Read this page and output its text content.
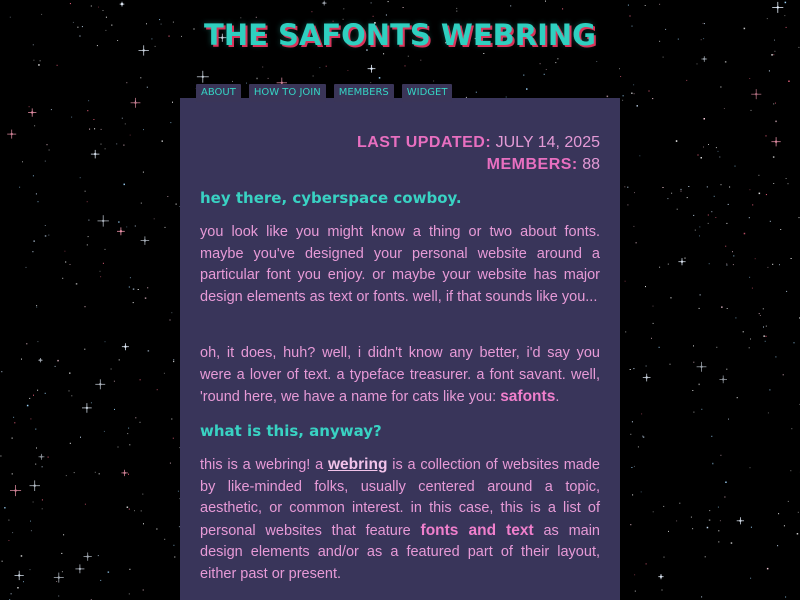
THE SAFONTS WEBRING
ABOUT	HOW TO JOIN	MEMBERS	WIDGET
LAST UPDATED: JULY 14, 2025
MEMBERS: 88
hey there, cyberspace cowboy.

you look like you might know a thing or two about fonts. maybe you've designed your personal website around a particular font you enjoy. or maybe your website has major design elements as text or fonts. well, if that sounds like you...

oh, it does, huh? well, i didn't know any better, i'd say you were a lover of text. a typeface treasurer. a font savant. well, 'round here, we have a name for cats like you: safonts.

what is this, anyway?

this is a webring! a webring is a collection of websites made by like-minded folks, usually centered around a topic, aesthetic, or common interest. in this case, this is a list of personal websites that feature fonts and text as main design elements and/or as a featured part of their layout, either past or present.
